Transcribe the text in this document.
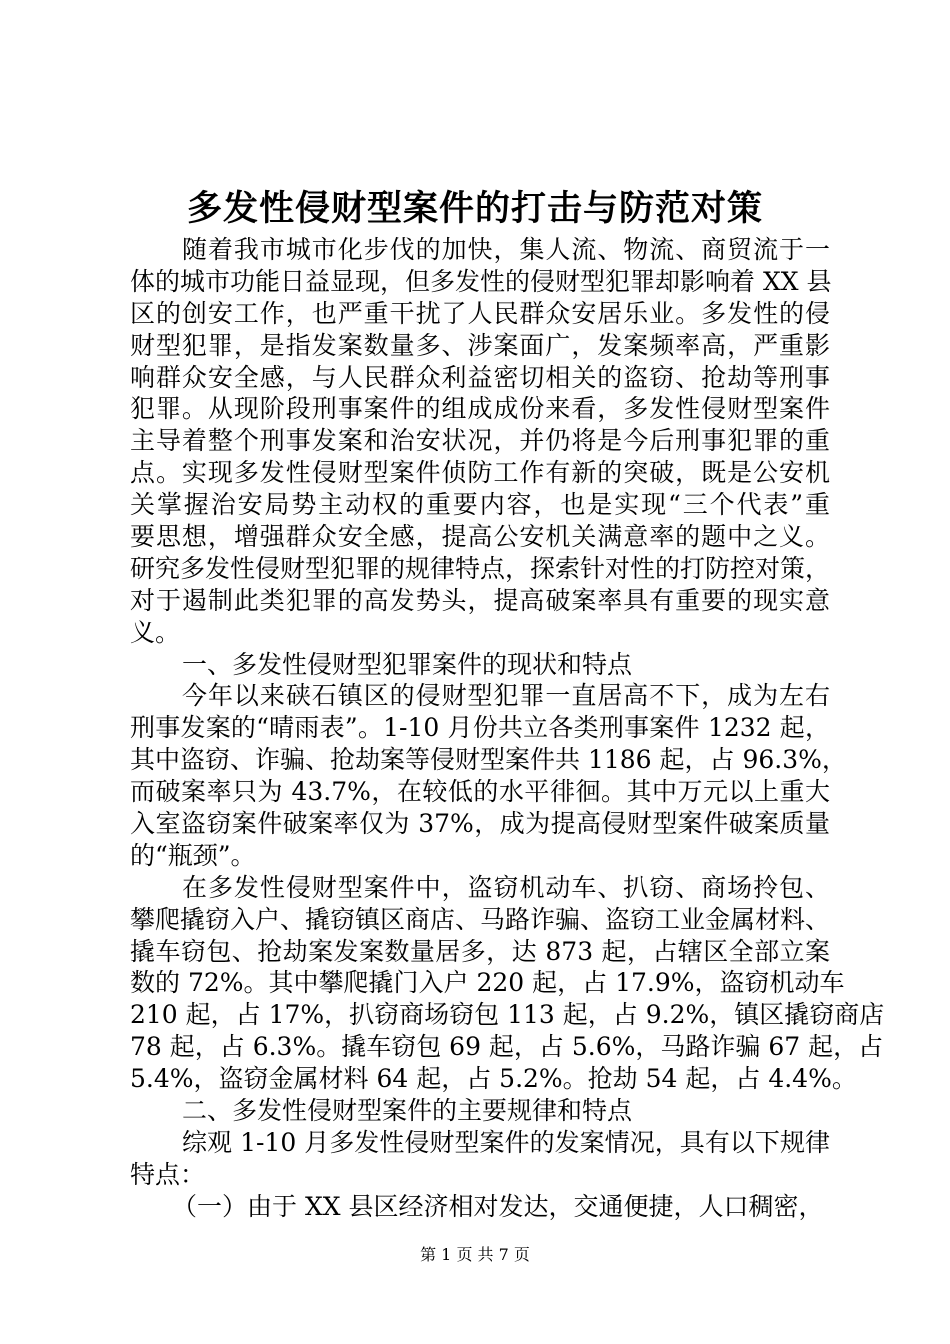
多发性侵财型案件的打击与防范对策
随着我市城市化步伐的加快，集人流、物流、商贸流于一
体的城市功能日益显现，但多发性的侵财型犯罪却影响着 XX 县
区的创安工作，也严重干扰了人民群众安居乐业。多发性的侵
财型犯罪，是指发案数量多、涉案面广，发案频率高，严重影
响群众安全感，与人民群众利益密切相关的盗窃、抢劫等刑事
犯罪。从现阶段刑事案件的组成成份来看，多发性侵财型案件
主导着整个刑事发案和治安状况，并仍将是今后刑事犯罪的重
点。实现多发性侵财型案件侦防工作有新的突破，既是公安机
关掌握治安局势主动权的重要内容，也是实现“三个代表”重
要思想，增强群众安全感，提高公安机关满意率的题中之义。
研究多发性侵财型犯罪的规律特点，探索针对性的打防控对策，
对于遏制此类犯罪的高发势头，提高破案率具有重要的现实意
义。
一、多发性侵财型犯罪案件的现状和特点
今年以来硖石镇区的侵财型犯罪一直居高不下，成为左右
刑事发案的“晴雨表”。1-10 月份共立各类刑事案件 1232 起，
其中盗窃、诈骗、抢劫案等侵财型案件共 1186 起，占 96.3%，
而破案率只为 43.7%，在较低的水平徘徊。其中万元以上重大
入室盗窃案件破案率仅为 37%，成为提高侵财型案件破案质量
的“瓶颈”。
在多发性侵财型案件中，盗窃机动车、扒窃、商场拎包、
攀爬撬窃入户、撬窃镇区商店、马路诈骗、盗窃工业金属材料、
撬车窃包、抢劫案发案数量居多，达 873 起，占辖区全部立案
数的 72%。其中攀爬撬门入户 220 起，占 17.9%，盗窃机动车
210 起，占 17%，扒窃商场窃包 113 起，占 9.2%，镇区撬窃商店
78 起，占 6.3%。撬车窃包 69 起，占 5.6%，马路诈骗 67 起，占
5.4%，盗窃金属材料 64 起，占 5.2%。抢劫 54 起，占 4.4%。
二、多发性侵财型案件的主要规律和特点
综观 1-10 月多发性侵财型案件的发案情况，具有以下规律
特点：
（一）由于 XX 县区经济相对发达，交通便捷，人口稠密，
第 1 页 共 7 页
